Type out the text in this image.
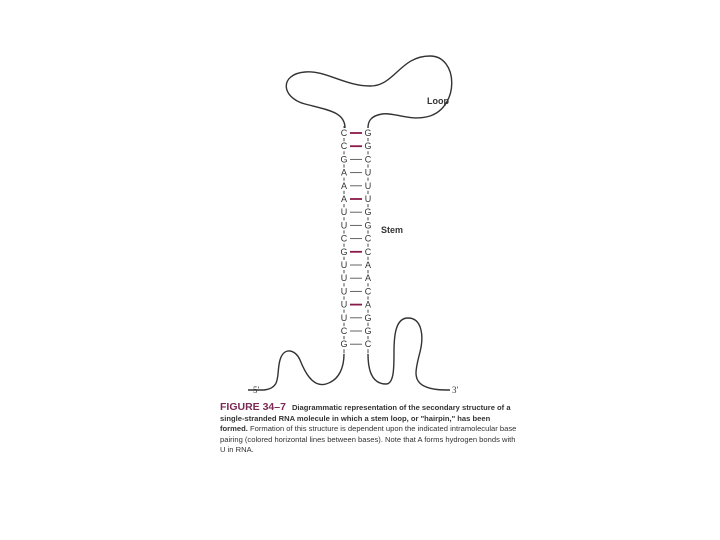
C G
C G
G C
A U
A U
A U
U G
U G
C C
G C
U A
U A
U C
U A
U G
C G
G C
Loop
Stem
5′	3′

FIGURE 34–7 Diagrammatic representation of the secondary structure of a single-stranded RNA molecule in which a stem loop, or "hairpin," has been formed. Formation of this structure is dependent upon the indicated intramolecular base pairing (colored horizontal lines between bases). Note that A forms hydrogen bonds with U in RNA.
